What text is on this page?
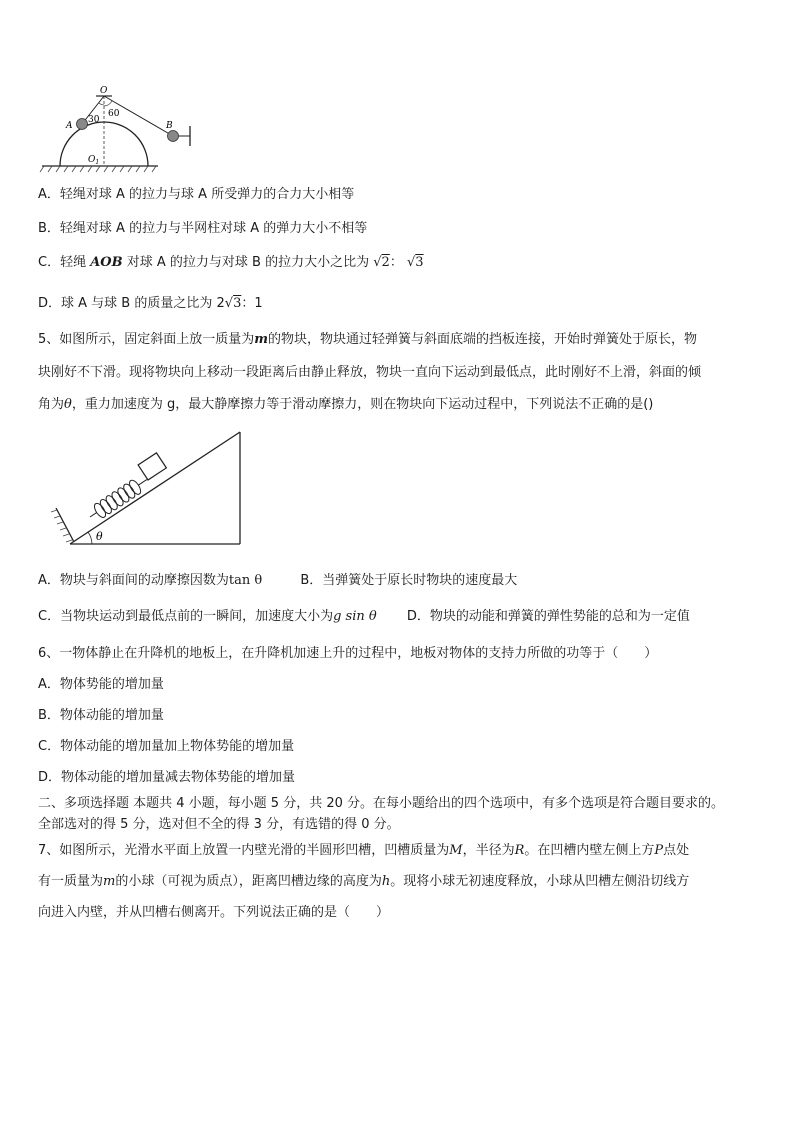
O
A	B
30
60
$O_1$
A．轻绳对球 A 的拉力与球 A 所受弹力的合力大小相等
B．轻绳对球 A 的拉力与半网柱对球 A 的弹力大小不相等
C．轻绳 AOB 对球 A 的拉力与对球 B 的拉力大小之比为 √2： √3
D．球 A 与球 B 的质量之比为 2√3：1
5、如图所示，固定斜面上放一质量为m的物块，物块通过轻弹簧与斜面底端的挡板连接，开始时弹簧处于原长，物
块刚好不下滑。现将物块向上移动一段距离后由静止释放，物块一直向下运动到最低点，此时刚好不上滑，斜面的倾
角为θ，重力加速度为 g，最大静摩擦力等于滑动摩擦力，则在物块向下运动过程中，下列说法不正确的是()
θ
A．物块与斜面间的动摩擦因数为tan θ	B．当弹簧处于原长时物块的速度最大
C．当物块运动到最低点前的一瞬间，加速度大小为g sin θ D．物块的动能和弹簧的弹性势能的总和为一定值
6、一物体静止在升降机的地板上，在升降机加速上升的过程中，地板对物体的支持力所做的功等于（　　）
A．物体势能的增加量
B．物体动能的增加量
C．物体动能的增加量加上物体势能的增加量
D．物体动能的增加量减去物体势能的增加量
二、多项选择题 本题共 4 小题，每小题 5 分，共 20 分。在每小题给出的四个选项中，有多个选项是符合题目要求的。
全部选对的得 5 分，选对但不全的得 3 分，有选错的得 0 分。
7、如图所示，光滑水平面上放置一内壁光滑的半圆形凹槽，凹槽质量为M，半径为R。在凹槽内壁左侧上方P点处
有一质量为m的小球（可视为质点），距离凹槽边缘的高度为h。现将小球无初速度释放，小球从凹槽左侧沿切线方
向进入内壁，并从凹槽右侧离开。下列说法正确的是（　　）
